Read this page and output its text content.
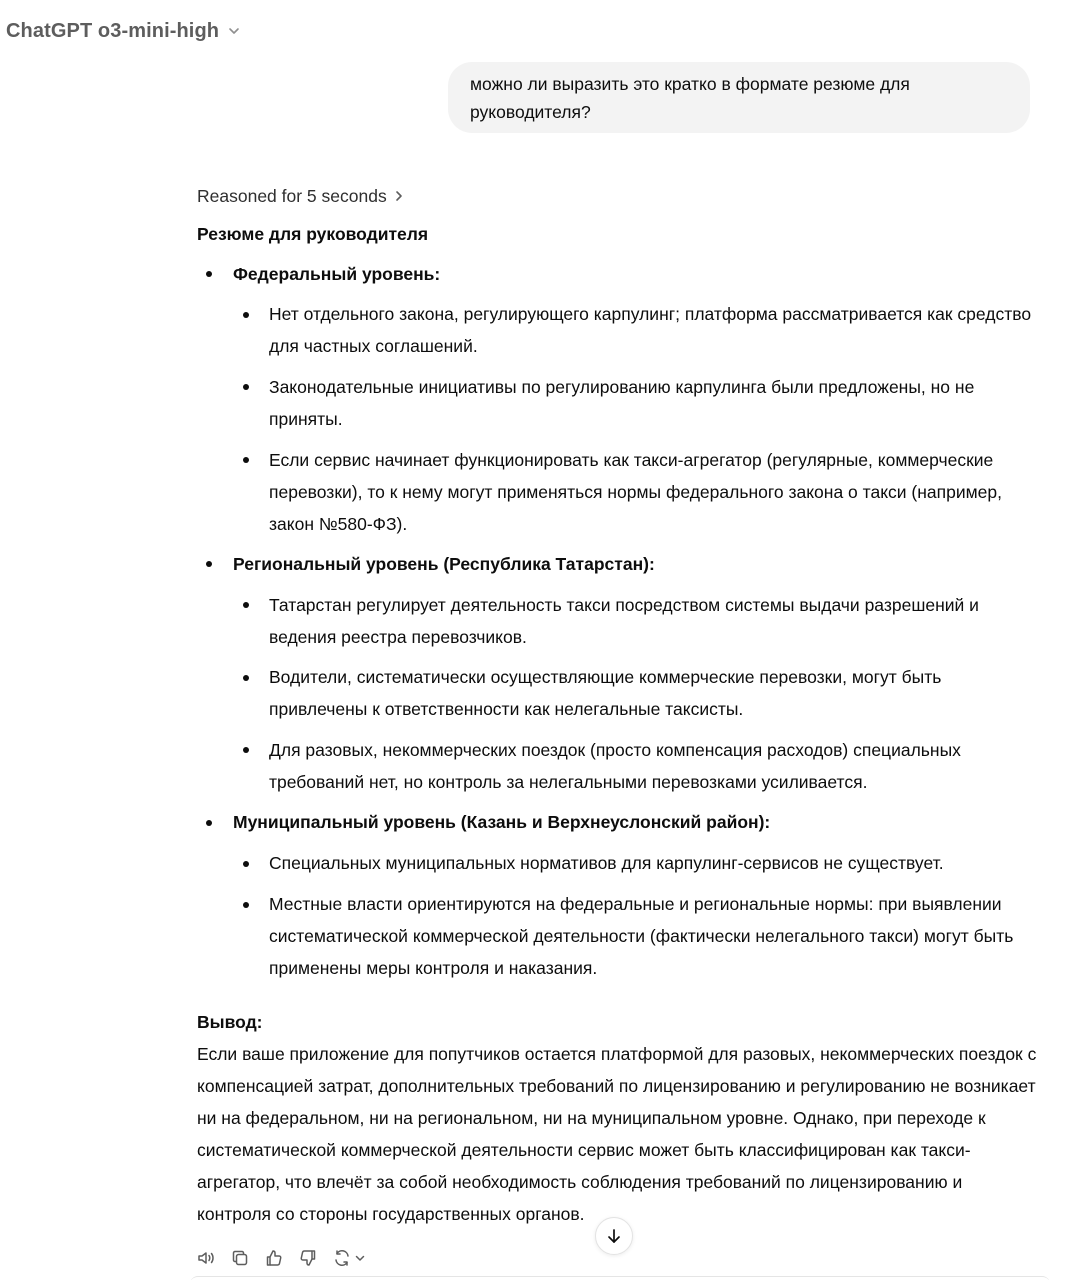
ChatGPT o3-mini-high
можно ли выразить это кратко в формате резюме для руководителя?
Reasoned for 5 seconds
Резюме для руководителя
Федеральный уровень:
Нет отдельного закона, регулирующего карпулинг; платформа рассматривается как средство для частных соглашений.
Законодательные инициативы по регулированию карпулинга были предложены, но не приняты.
Если сервис начинает функционировать как такси-агрегатор (регулярные, коммерческие перевозки), то к нему могут применяться нормы федерального закона о такси (например, закон №580-ФЗ).
Региональный уровень (Республика Татарстан):
Татарстан регулирует деятельность такси посредством системы выдачи разрешений и ведения реестра перевозчиков.
Водители, систематически осуществляющие коммерческие перевозки, могут быть привлечены к ответственности как нелегальные таксисты.
Для разовых, некоммерческих поездок (просто компенсация расходов) специальных требований нет, но контроль за нелегальными перевозками усиливается.
Муниципальный уровень (Казань и Верхнеуслонский район):
Специальных муниципальных нормативов для карпулинг-сервисов не существует.
Местные власти ориентируются на федеральные и региональные нормы: при выявлении систематической коммерческой деятельности (фактически нелегального такси) могут быть применены меры контроля и наказания.
Вывод:
Если ваше приложение для попутчиков остается платформой для разовых, некоммерческих поездок с компенсацией затрат, дополнительных требований по лицензированию и регулированию не возникает ни на федеральном, ни на региональном, ни на муниципальном уровне. Однако, при переходе к систематической коммерческой деятельности сервис может быть классифицирован как такси-агрегатор, что влечёт за собой необходимость соблюдения требований по лицензированию и контроля со стороны государственных органов.
